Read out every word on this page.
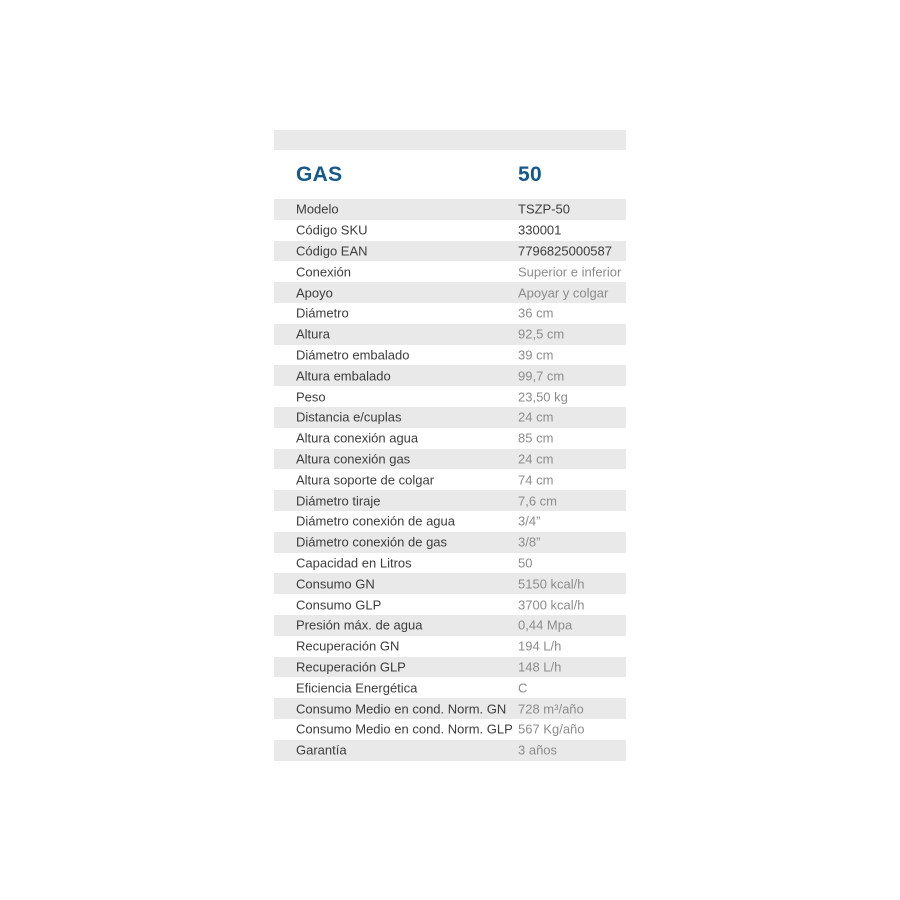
GAS	50
Modelo	TSZP-50
Código SKU	330001
Código EAN	7796825000587
Conexión	Superior e inferior
Apoyo	Apoyar y colgar
Diámetro	36 cm
Altura	92,5 cm
Diámetro embalado	39 cm
Altura embalado	99,7 cm
Peso	23,50 kg
Distancia e/cuplas	24 cm
Altura conexión agua	85 cm
Altura conexión gas	24 cm
Altura soporte de colgar	74 cm
Diámetro tiraje	7,6 cm
Diámetro conexión de agua	3/4”
Diámetro conexión de gas	3/8”
Capacidad en Litros	50
Consumo GN	5150 kcal/h
Consumo GLP	3700 kcal/h
Presión máx. de agua	0,44 Mpa
Recuperación GN	194 L/h
Recuperación GLP	148 L/h
Eficiencia Energética	C
Consumo Medio en cond. Norm. GN 728 m³/año
Consumo Medio en cond. Norm. GLP 567 Kg/año
Garantía	3 años
